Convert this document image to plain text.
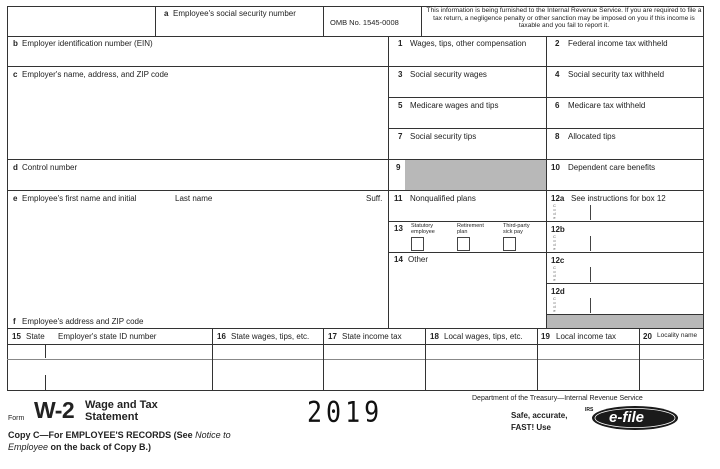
a Employee's social security number
OMB No. 1545-0008
This information is being furnished to the Internal Revenue Service. If you are required to file a tax return, a negligence penalty or other sanction may be imposed on you if this income is taxable and you fail to report it.
b Employer identification number (EIN)
c Employer's name, address, and ZIP code
d Control number
e Employee's first name and initial	Last name	Suff.
f Employee's address and ZIP code
1 Wages, tips, other compensation	2 Federal income tax withheld
3 Social security wages	4 Social security tax withheld
5 Medicare wages and tips	6 Medicare tax withheld
7 Social security tips	8 Allocated tips
9	10 Dependent care benefits
11 Nonqualified plans	12a See instructions for box 12
12b
12c
12d
C
o
d
e
C
o
d
e
C
o
d
e
C
o
d
e
13 Statutory employee
Retirement plan
Third-party sick pay
14 Other
15 State Employer's state ID number	16 State wages, tips, etc. 17 State income tax	18 Local wages, tips, etc. 19 Local income tax	20 Locality name
Form W-2 Wage and Tax
Statement	2019	Department of the Treasury—Internal Revenue Service
Copy C—For EMPLOYEE'S RECORDS (See Notice to
Employee on the back of Copy B.)
Safe, accurate,
FAST! Use
IRS e-file
